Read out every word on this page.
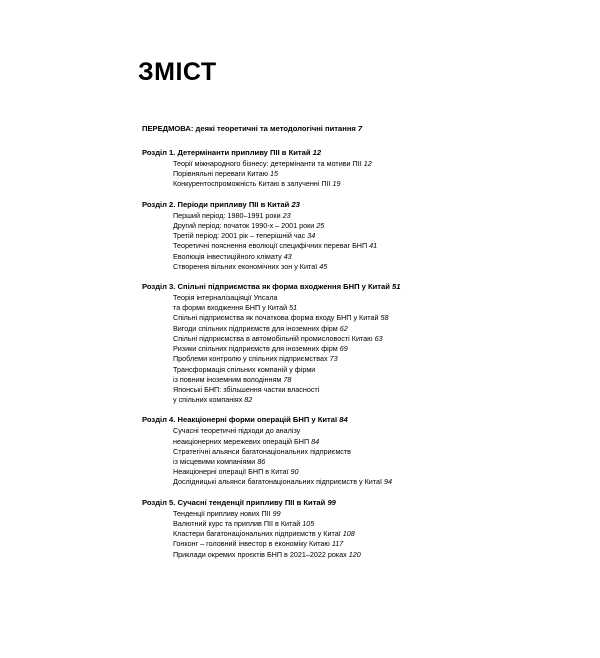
ЗМІСТ
ПЕРЕДМОВА: деякі теоретичні та методологічні питання 7
Розділ 1. Детермінанти припливу ПІІ в Китай 12
Теорії міжнародного бізнесу: детермінанти та мотиви ПІІ 12
Порівняльні переваги Китаю 15
Конкурентоспроможність Китаю в залученні ПІІ 19
Розділ 2. Періоди припливу ПІІ в Китай 23
Перший період: 1980–1991 роки 23
Другий період: початок 1990-х – 2001 роки 25
Третій період: 2001 рік – теперішній час 34
Теоретичні пояснення еволюції специфічних переваг БНП 41
Еволюція інвестиційного клімату 43
Створення вільних економічних зон у Китаї 45
Розділ 3. Спільні підприємства як форма входження БНП у Китай 51
Теорія інтерналізаціяції Упсала
та форми входження БНП у Китай 51
Спільні підприємства як початкова форма входу БНП у Китай 58
Вигоди спільних підприємств для іноземних фірм 62
Спільні підприємства в автомобільній промисловості Китаю 63
Ризики спільних підприємств для іноземних фірм 69
Проблеми контролю у спільних підприємствах 73
Трансформація спільних компаній у фірми
із повним іноземним володінням 78
Японські БНП: збільшення частки власності
у спільних компаніях 82
Розділ 4. Неакціонерні форми операцій БНП у Китаї 84
Сучасні теоретичні підходи до аналізу
неакціонерних мережевих операцій БНП 84
Стратегічні альянси багатонаціональних підприємств
із місцевими компаніями 86
Неакціонерні операції БНП в Китаї 90
Дослідницькі альянси багатонаціональних підприємств у Китаї 94
Розділ 5. Сучасні тенденції припливу ПІІ в Китай 99
Тенденції припливу нових ПІІ 99
Валютний курс та приплив ПІІ в Китай 105
Кластери багатонаціональних підприємств у Китаї 108
Гонконг – головний інвестор в економіку Китаю 117
Приклади окремих проєктів БНП в 2021–2022 роках 120
